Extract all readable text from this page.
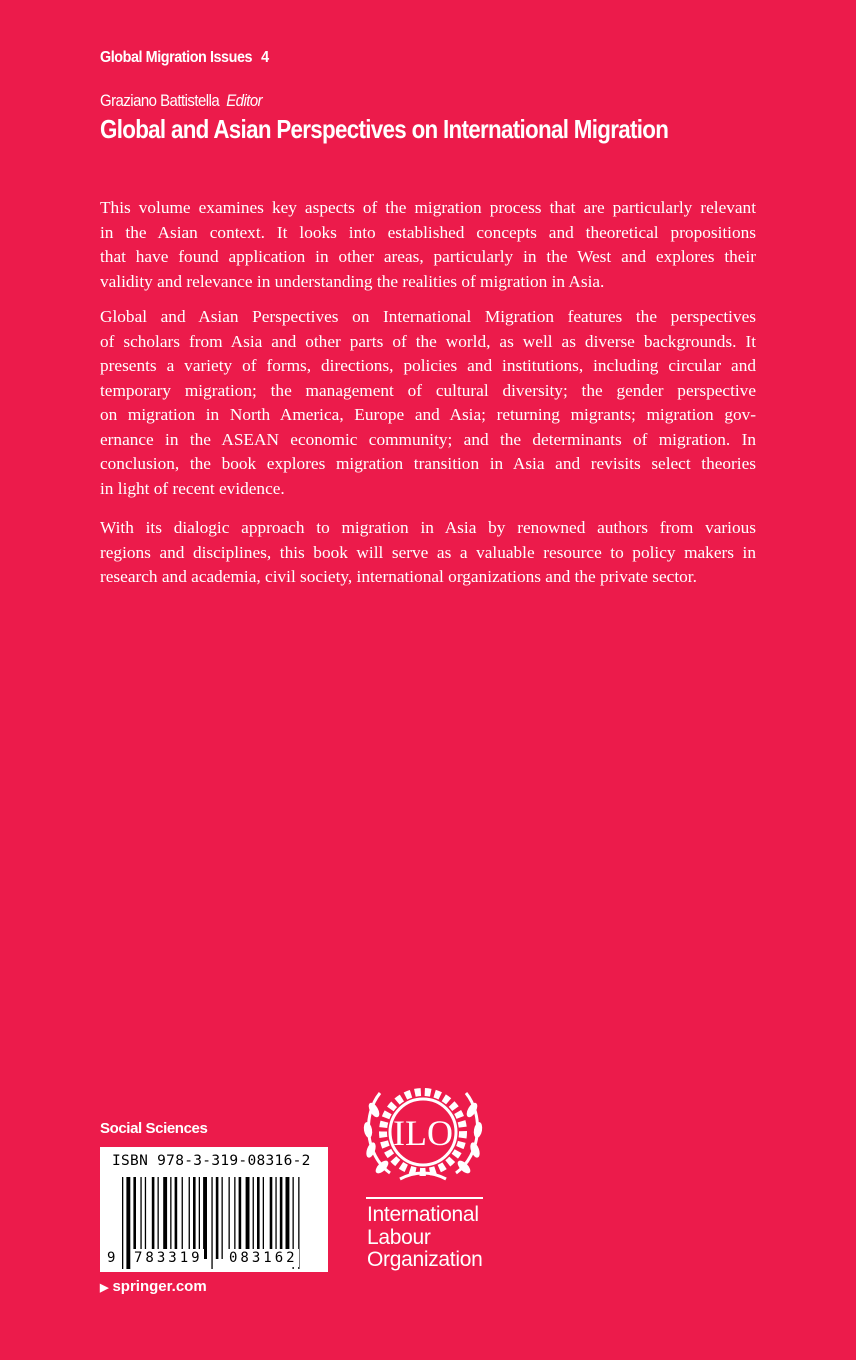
Global Migration Issues 4
Graziano Battistella Editor
Global and Asian Perspectives on International Migration
This volume examines key aspects of the migration process that are particularly relevant
in the Asian context. It looks into established concepts and theoretical propositions
that have found application in other areas, particularly in the West and explores their
validity and relevance in understanding the realities of migration in Asia.
Global and Asian Perspectives on International Migration features the perspectives
of scholars from Asia and other parts of the world, as well as diverse backgrounds. It
presents a variety of forms, directions, policies and institutions, including circular and
temporary migration; the management of cultural diversity; the gender perspective
on migration in North America, Europe and Asia; returning migrants; migration gov-
ernance in the ASEAN economic community; and the determinants of migration. In
conclusion, the book explores migration transition in Asia and revisits select theories
in light of recent evidence.
With its dialogic approach to migration in Asia by renowned authors from various
regions and disciplines, this book will serve as a valuable resource to policy makers in
research and academia, civil society, international organizations and the private sector.
Social Sciences
ISBN 978-3-319-08316-2
9 783319 083162
▶ springer.com
ILO
International
Labour
Organization
